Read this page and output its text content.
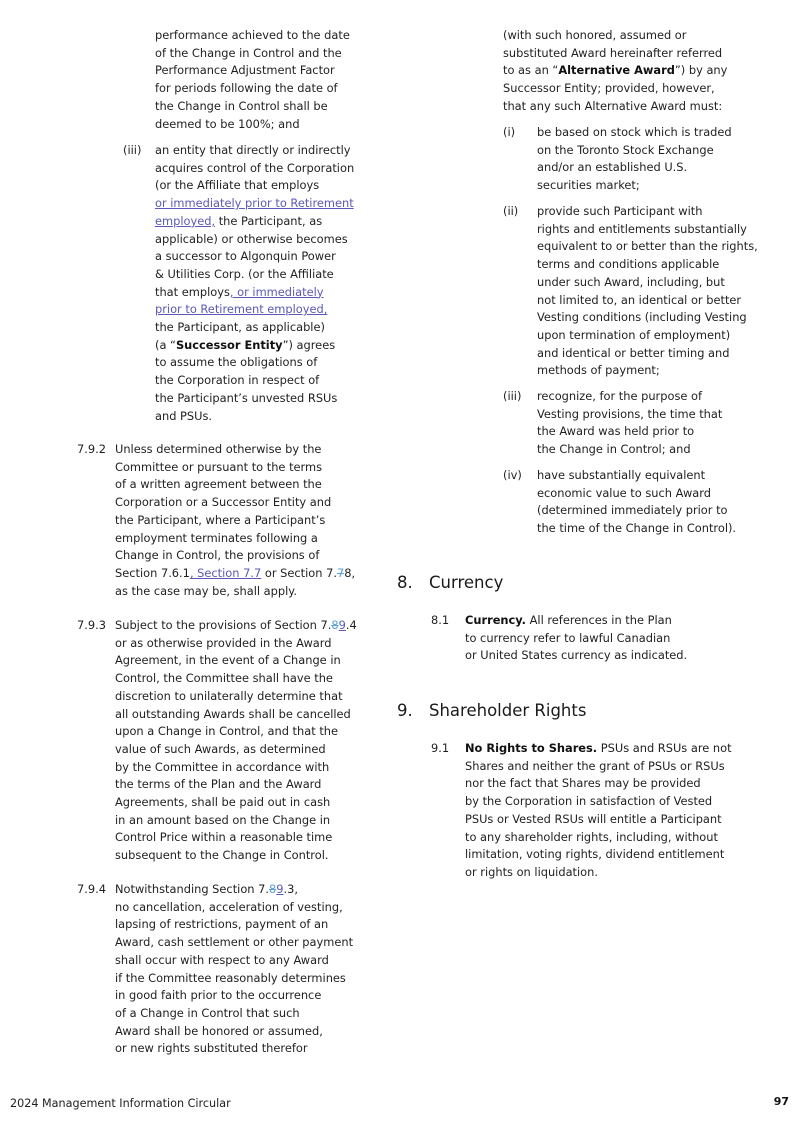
performance achieved to the date
of the Change in Control and the
Performance Adjustment Factor
for periods following the date of
the Change in Control shall be
deemed to be 100%; and
(iii) an entity that directly or indirectly
acquires control of the Corporation
(or the Affiliate that employs
or immediately prior to Retirement
employed, the Participant, as
applicable) or otherwise becomes
a successor to Algonquin Power
& Utilities Corp. (or the Affiliate
that employs, or immediately
prior to Retirement employed,
the Participant, as applicable)
(a “Successor Entity”) agrees
to assume the obligations of
the Corporation in respect of
the Participant’s unvested RSUs
and PSUs.
7.9.2 Unless determined otherwise by the
Committee or pursuant to the terms
of a written agreement between the
Corporation or a Successor Entity and
the Participant, where a Participant’s
employment terminates following a
Change in Control, the provisions of
Section 7.6.1, Section 7.7 or Section 7.78,
as the case may be, shall apply.
7.9.3 Subject to the provisions of Section 7.89.4
or as otherwise provided in the Award
Agreement, in the event of a Change in
Control, the Committee shall have the
discretion to unilaterally determine that
all outstanding Awards shall be cancelled
upon a Change in Control, and that the
value of such Awards, as determined
by the Committee in accordance with
the terms of the Plan and the Award
Agreements, shall be paid out in cash
in an amount based on the Change in
Control Price within a reasonable time
subsequent to the Change in Control.
7.9.4 Notwithstanding Section 7.89.3,
no cancellation, acceleration of vesting,
lapsing of restrictions, payment of an
Award, cash settlement or other payment
shall occur with respect to any Award
if the Committee reasonably determines
in good faith prior to the occurrence
of a Change in Control that such
Award shall be honored or assumed,
or new rights substituted therefor
(with such honored, assumed or
substituted Award hereinafter referred
to as an “Alternative Award”) by any
Successor Entity; provided, however,
that any such Alternative Award must:
(i) be based on stock which is traded
on the Toronto Stock Exchange
and/or an established U.S.
securities market;
(ii) provide such Participant with
rights and entitlements substantially
equivalent to or better than the rights,
terms and conditions applicable
under such Award, including, but
not limited to, an identical or better
Vesting conditions (including Vesting
upon termination of employment)
and identical or better timing and
methods of payment;
(iii) recognize, for the purpose of
Vesting provisions, the time that
the Award was held prior to
the Change in Control; and
(iv) have substantially equivalent
economic value to such Award
(determined immediately prior to
the time of the Change in Control).
8. Currency
8.1 Currency. All references in the Plan
to currency refer to lawful Canadian
or United States currency as indicated.
9. Shareholder Rights
9.1 No Rights to Shares. PSUs and RSUs are not
Shares and neither the grant of PSUs or RSUs
nor the fact that Shares may be provided
by the Corporation in satisfaction of Vested
PSUs or Vested RSUs will entitle a Participant
to any shareholder rights, including, without
limitation, voting rights, dividend entitlement
or rights on liquidation.
2024 Management Information Circular	97
